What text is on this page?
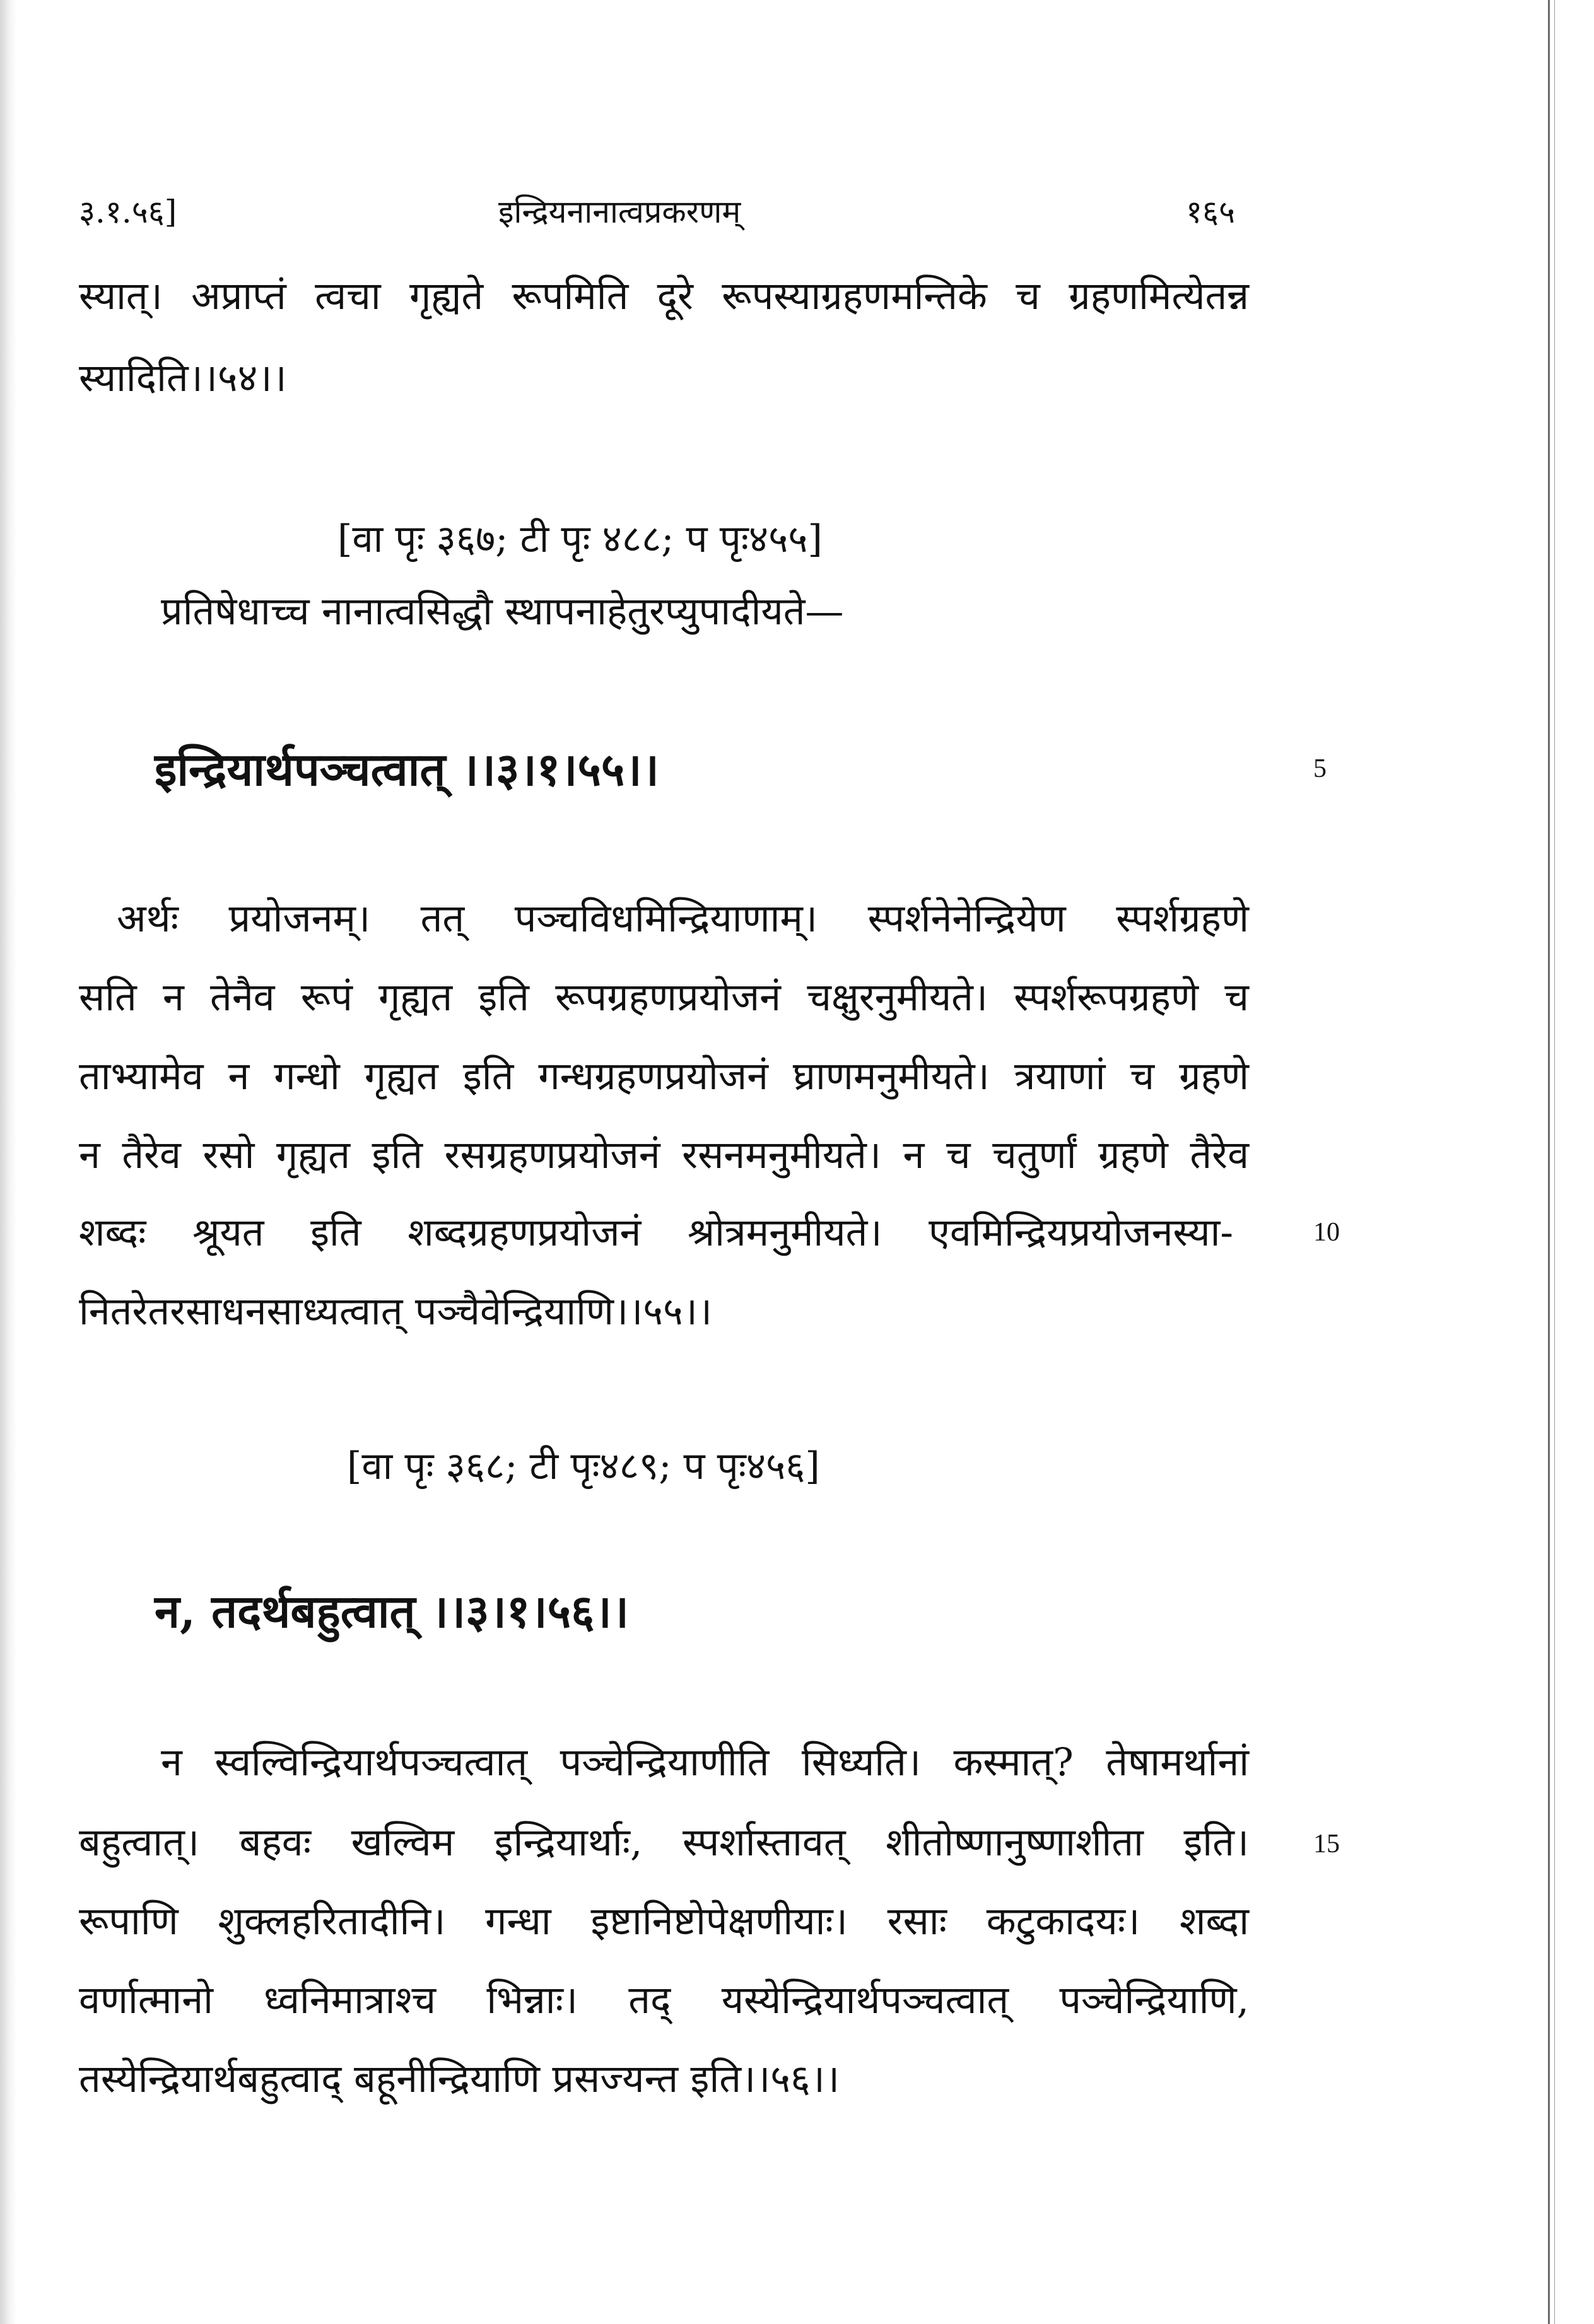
३.१.५६]	इन्द्रियनानात्वप्रकरणम्	१६५
स्यात्। अप्राप्तं त्वचा गृह्यते रूपमिति दूरे रूपस्याग्रहणमन्तिके च ग्रहणमित्येतन्न
स्यादिति।।५४।।
[वा पृः ३६७; टी पृः ४८८; प पृः४५५]
प्रतिषेधाच्च नानात्वसिद्धौ स्थापनाहेतुरप्युपादीयते—
इन्द्रियार्थपञ्चत्वात् ।।३।१।५५।।	5
अर्थः प्रयोजनम्। तत् पञ्चविधमिन्द्रियाणाम्। स्पर्शनेनेन्द्रियेण स्पर्शग्रहणे
सति न तेनैव रूपं गृह्यत इति रूपग्रहणप्रयोजनं चक्षुरनुमीयते। स्पर्शरूपग्रहणे च
ताभ्यामेव न गन्धो गृह्यत इति गन्धग्रहणप्रयोजनं घ्राणमनुमीयते। त्रयाणां च ग्रहणे
न तैरेव रसो गृह्यत इति रसग्रहणप्रयोजनं रसनमनुमीयते। न च चतुर्णां ग्रहणे तैरेव
शब्दः श्रूयत इति शब्दग्रहणप्रयोजनं श्रोत्रमनुमीयते। एवमिन्द्रियप्रयोजनस्या-	10
नितरेतरसाधनसाध्यत्वात् पञ्चैवेन्द्रियाणि।।५५।।
[वा पृः ३६८; टी पृः४८९; प पृः४५६]
न, तदर्थबहुत्वात् ।।३।१।५६।।
न स्वल्विन्द्रियार्थपञ्चत्वात् पञ्चेन्द्रियाणीति सिध्यति। कस्मात्? तेषामर्थानां
बहुत्वात्। बहवः खल्विम इन्द्रियार्थाः, स्पर्शास्तावत् शीतोष्णानुष्णाशीता इति। 15
रूपाणि शुक्लहरितादीनि। गन्धा इष्टानिष्टोपेक्षणीयाः। रसाः कटुकादयः। शब्दा
वर्णात्मानो ध्वनिमात्राश्च भिन्नाः। तद् यस्येन्द्रियार्थपञ्चत्वात् पञ्चेन्द्रियाणि,
तस्येन्द्रियार्थबहुत्वाद् बहूनीन्द्रियाणि प्रसज्यन्त इति।।५६।।
